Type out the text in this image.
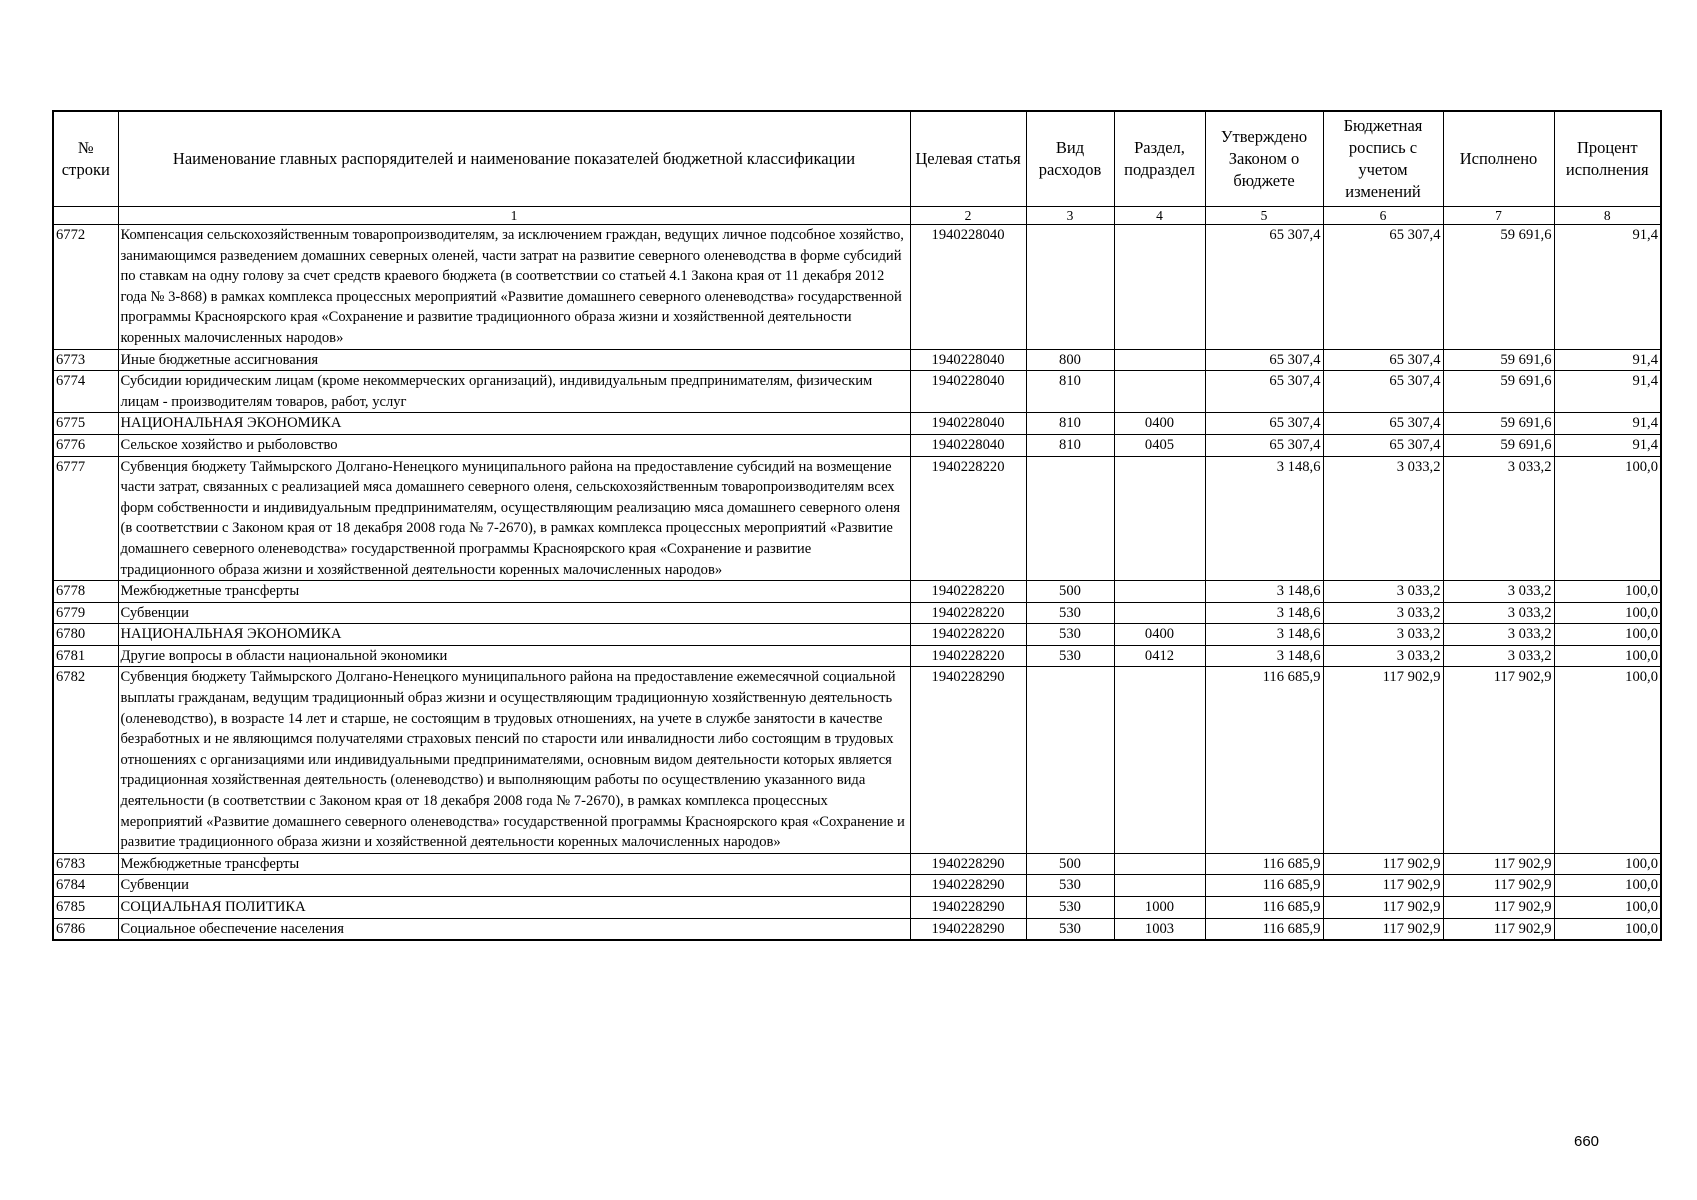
№ строки	Наименование главных распорядителей и наименование показателей бюджетной классификации	Целевая статья	Вид расходов	Раздел, подраздел	Утверждено Законом о бюджете	Бюджетная роспись с учетом изменений	Исполнено	Процент исполнения
	1	2	3	4	5	6	7	8
6772	Компенсация сельскохозяйственным товаропроизводителям, за исключением граждан, ведущих личное подсобное хозяйство, занимающимся разведением домашних северных оленей, части затрат на развитие северного оленеводства в форме субсидий по ставкам на одну голову за счет средств краевого бюджета (в соответствии со статьей 4.1 Закона края от 11 декабря 2012 года № 3-868) в рамках комплекса процессных мероприятий «Развитие домашнего северного оленеводства» государственной программы Красноярского края «Сохранение и развитие традиционного образа жизни и хозяйственной деятельности коренных малочисленных народов»	1940228040			65 307,4	65 307,4	59 691,6	91,4
6773	Иные бюджетные ассигнования	1940228040	800		65 307,4	65 307,4	59 691,6	91,4
6774	Субсидии юридическим лицам (кроме некоммерческих организаций), индивидуальным предпринимателям, физическим лицам - производителям товаров, работ, услуг	1940228040	810		65 307,4	65 307,4	59 691,6	91,4
6775	НАЦИОНАЛЬНАЯ ЭКОНОМИКА	1940228040	810	0400	65 307,4	65 307,4	59 691,6	91,4
6776	Сельское хозяйство и рыболовство	1940228040	810	0405	65 307,4	65 307,4	59 691,6	91,4
6777	Субвенция бюджету Таймырского Долгано-Ненецкого муниципального района на предоставление субсидий на возмещение части затрат, связанных с реализацией мяса домашнего северного оленя, сельскохозяйственным товаропроизводителям всех форм собственности и индивидуальным предпринимателям, осуществляющим реализацию мяса домашнего северного оленя (в соответствии с Законом края от 18 декабря 2008 года № 7-2670), в рамках комплекса процессных мероприятий «Развитие домашнего северного оленеводства» государственной программы Красноярского края «Сохранение и развитие традиционного образа жизни и хозяйственной деятельности коренных малочисленных народов»	1940228220			3 148,6	3 033,2	3 033,2	100,0
6778	Межбюджетные трансферты	1940228220	500		3 148,6	3 033,2	3 033,2	100,0
6779	Субвенции	1940228220	530		3 148,6	3 033,2	3 033,2	100,0
6780	НАЦИОНАЛЬНАЯ ЭКОНОМИКА	1940228220	530	0400	3 148,6	3 033,2	3 033,2	100,0
6781	Другие вопросы в области национальной экономики	1940228220	530	0412	3 148,6	3 033,2	3 033,2	100,0
6782	Субвенция бюджету Таймырского Долгано-Ненецкого муниципального района на предоставление ежемесячной социальной выплаты гражданам, ведущим традиционный образ жизни и осуществляющим традиционную хозяйственную деятельность (оленеводство), в возрасте 14 лет и старше, не состоящим в трудовых отношениях, на учете в службе занятости в качестве безработных и не являющимся получателями страховых пенсий по старости или инвалидности либо состоящим в трудовых отношениях с организациями или индивидуальными предпринимателями, основным видом деятельности которых является традиционная хозяйственная деятельность (оленеводство) и выполняющим работы по осуществлению указанного вида деятельности (в соответствии с Законом края от 18 декабря 2008 года № 7-2670), в рамках комплекса процессных мероприятий «Развитие домашнего северного оленеводства» государственной программы Красноярского края «Сохранение и развитие традиционного образа жизни и хозяйственной деятельности коренных малочисленных народов»	1940228290			116 685,9	117 902,9	117 902,9	100,0
6783	Межбюджетные трансферты	1940228290	500		116 685,9	117 902,9	117 902,9	100,0
6784	Субвенции	1940228290	530		116 685,9	117 902,9	117 902,9	100,0
6785	СОЦИАЛЬНАЯ ПОЛИТИКА	1940228290	530	1000	116 685,9	117 902,9	117 902,9	100,0
6786	Социальное обеспечение населения	1940228290	530	1003	116 685,9	117 902,9	117 902,9	100,0
660
